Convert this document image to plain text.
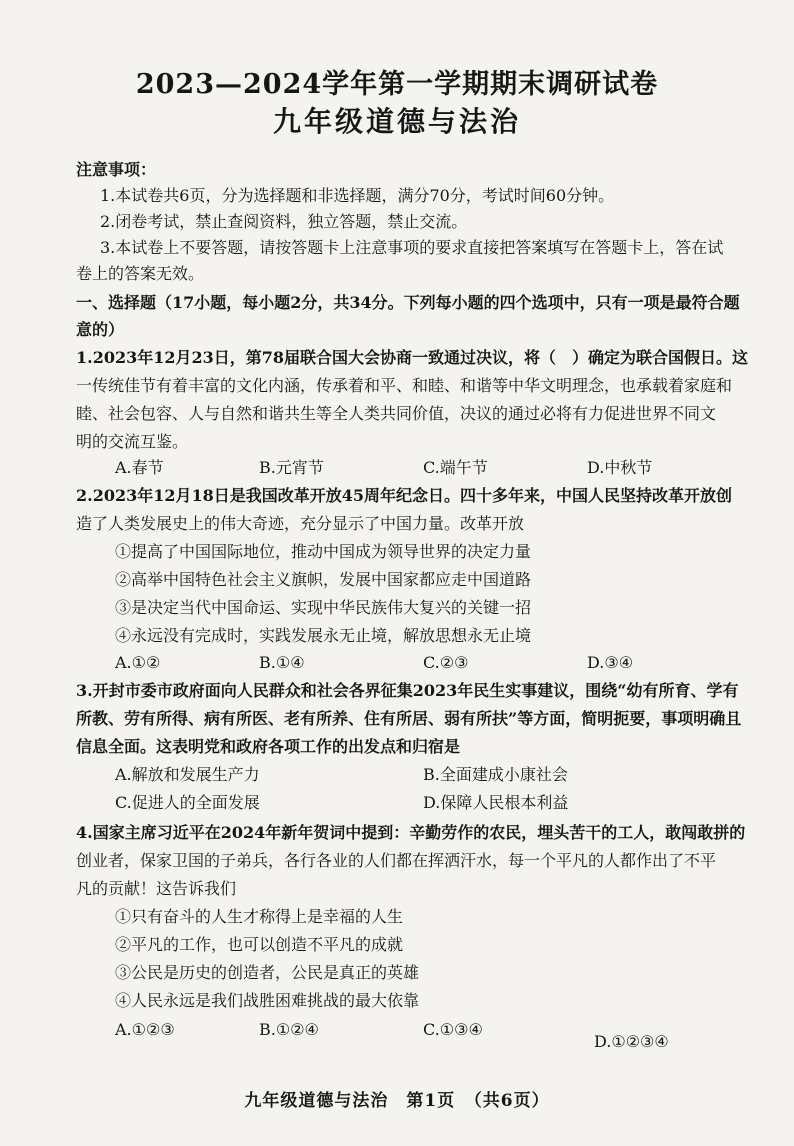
2023—2024学年第一学期期末调研试卷
九年级道德与法治
注意事项：
1.本试卷共6页，分为选择题和非选择题，满分70分，考试时间60分钟。
2.闭卷考试，禁止查阅资料，独立答题，禁止交流。
3.本试卷上不要答题，请按答题卡上注意事项的要求直接把答案填写在答题卡上，答在试
卷上的答案无效。
一、选择题（17小题，每小题2分，共34分。下列每小题的四个选项中，只有一项是最符合题
意的）
1.2023年12月23日，第78届联合国大会协商一致通过决议，将（　）确定为联合国假日。这
一传统佳节有着丰富的文化内涵，传承着和平、和睦、和谐等中华文明理念，也承载着家庭和
睦、社会包容、人与自然和谐共生等全人类共同价值，决议的通过必将有力促进世界不同文
明的交流互鉴。
A.春节	B.元宵节	C.端午节	D.中秋节
2.2023年12月18日是我国改革开放45周年纪念日。四十多年来，中国人民坚持改革开放创
造了人类发展史上的伟大奇迹，充分显示了中国力量。改革开放
①提高了中国国际地位，推动中国成为领导世界的决定力量
②高举中国特色社会主义旗帜，发展中国家都应走中国道路
③是决定当代中国命运、实现中华民族伟大复兴的关键一招
④永远没有完成时，实践发展永无止境，解放思想永无止境
A.①②	B.①④	C.②③	D.③④
3.开封市委市政府面向人民群众和社会各界征集2023年民生实事建议，围绕“幼有所育、学有
所教、劳有所得、病有所医、老有所养、住有所居、弱有所扶”等方面，简明扼要，事项明确且
信息全面。这表明党和政府各项工作的出发点和归宿是
A.解放和发展生产力	B.全面建成小康社会
C.促进人的全面发展	D.保障人民根本利益
4.国家主席习近平在2024年新年贺词中提到：辛勤劳作的农民，埋头苦干的工人，敢闯敢拼的
创业者，保家卫国的子弟兵，各行各业的人们都在挥洒汗水，每一个平凡的人都作出了不平
凡的贡献！这告诉我们
①只有奋斗的人生才称得上是幸福的人生
②平凡的工作，也可以创造不平凡的成就
③公民是历史的创造者，公民是真正的英雄
④人民永远是我们战胜困难挑战的最大依靠
A.①②③	B.①②④	C.①③④
D.①②③④
九年级道德与法治　第1页　（共6页）
